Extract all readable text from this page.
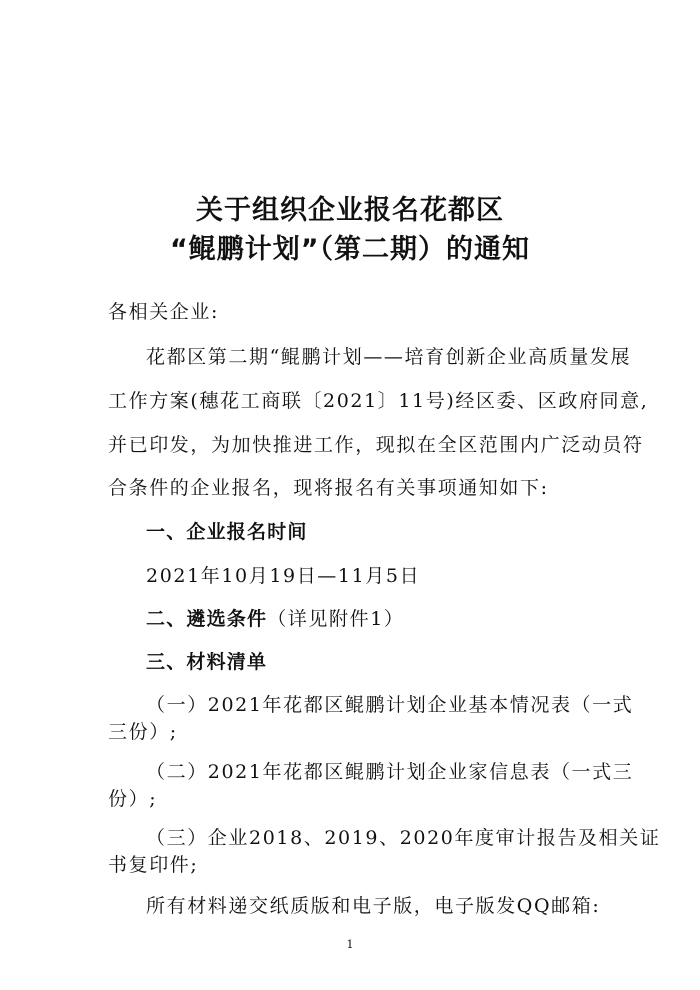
关于组织企业报名花都区
“鲲鹏计划”（第二期）的通知
各相关企业:
花都区第二期“鲲鹏计划——培育创新企业高质量发展
工作方案(穗花工商联〔2021〕11号)经区委、区政府同意,
并已印发，为加快推进工作，现拟在全区范围内广泛动员符
合条件的企业报名，现将报名有关事项通知如下:
一、企业报名时间
2021年10月19日—11月5日
二、遴选条件（详见附件1）
三、材料清单
（一）2021年花都区鲲鹏计划企业基本情况表（一式
三份）;
（二）2021年花都区鲲鹏计划企业家信息表（一式三
份）;
（三）企业2018、2019、2020年度审计报告及相关证
书复印件;
所有材料递交纸质版和电子版，电子版发QQ邮箱:
1
